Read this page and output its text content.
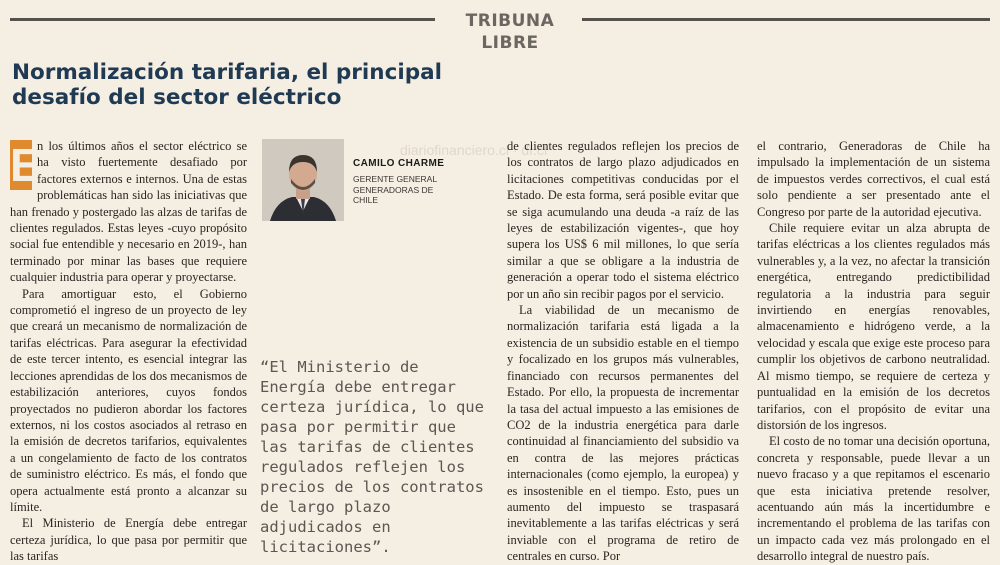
TRIBUNA LIBRE
Normalización tarifaria, el principal desafío del sector eléctrico
diariofinanciero.cl · df.cl
E

n los últimos años el sector eléctrico se ha visto fuertemente desafiado por factores externos e internos. Una de estas problemáticas han sido las iniciativas que han frenado y postergado las alzas de tarifas de clientes regulados. Estas leyes -cuyo propósito social fue entendible y necesario en 2019-, han terminado por minar las bases que requiere cualquier industria para operar y proyectarse.

Para amortiguar esto, el Gobierno comprometió el ingreso de un proyecto de ley que creará un mecanismo de normalización de tarifas eléctricas. Para asegurar la efectividad de este tercer intento, es esencial integrar las lecciones aprendidas de los dos mecanismos de estabilización anteriores, cuyos fondos proyectados no pudieron abordar los factores externos, ni los costos asociados al retraso en la emisión de decretos tarifarios, equivalentes a un congelamiento de facto de los contratos de suministro eléctrico. Es más, el fondo que opera actualmente está pronto a alcanzar su límite.

El Ministerio de Energía debe entregar certeza jurídica, lo que pasa por permitir que las tarifas

CAMILO CHARME
GERENTE GENERAL
GENERADORAS DE
CHILE
“El Ministerio de Energía debe entregar certeza jurídica, lo que pasa por permitir que las tarifas de clientes regulados reflejen los precios de los contratos de largo plazo adjudicados en licitaciones”.

de clientes regulados reflejen los precios de los contratos de largo plazo adjudicados en licitaciones competitivas conducidas por el Estado. De esta forma, será posible evitar que se siga acumulando una deuda -a raíz de las leyes de estabilización vigentes-, que hoy supera los US$ 6 mil millones, lo que sería similar a que se obligare a la industria de generación a operar todo el sistema eléctrico por un año sin recibir pagos por el servicio.

La viabilidad de un mecanismo de normalización tarifaria está ligada a la existencia de un subsidio estable en el tiempo y focalizado en los grupos más vulnerables, financiado con recursos permanentes del Estado. Por ello, la propuesta de incrementar la tasa del actual impuesto a las emisiones de CO2 de la industria energética para darle continuidad al financiamiento del subsidio va en contra de las mejores prácticas internacionales (como ejemplo, la europea) y es insostenible en el tiempo. Esto, pues un aumento del impuesto se traspasará inevitablemente a las tarifas eléctricas y será inviable con el programa de retiro de centrales en curso. Por

el contrario, Generadoras de Chile ha impulsado la implementación de un sistema de impuestos verdes correctivos, el cual está solo pendiente a ser presentado ante el Congreso por parte de la autoridad ejecutiva.

Chile requiere evitar un alza abrupta de tarifas eléctricas a los clientes regulados más vulnerables y, a la vez, no afectar la transición energética, entregando predictibilidad regulatoria a la industria para seguir invirtiendo en energías renovables, almacenamiento e hidrógeno verde, a la velocidad y escala que exige este proceso para cumplir los objetivos de carbono neutralidad. Al mismo tiempo, se requiere de certeza y puntualidad en la emisión de los decretos tarifarios, con el propósito de evitar una distorsión de los ingresos.

El costo de no tomar una decisión oportuna, concreta y responsable, puede llevar a un nuevo fracaso y a que repitamos el escenario que esta iniciativa pretende resolver, acentuando aún más la incertidumbre e incrementando el problema de las tarifas con un impacto cada vez más prolongado en el desarrollo integral de nuestro país.
